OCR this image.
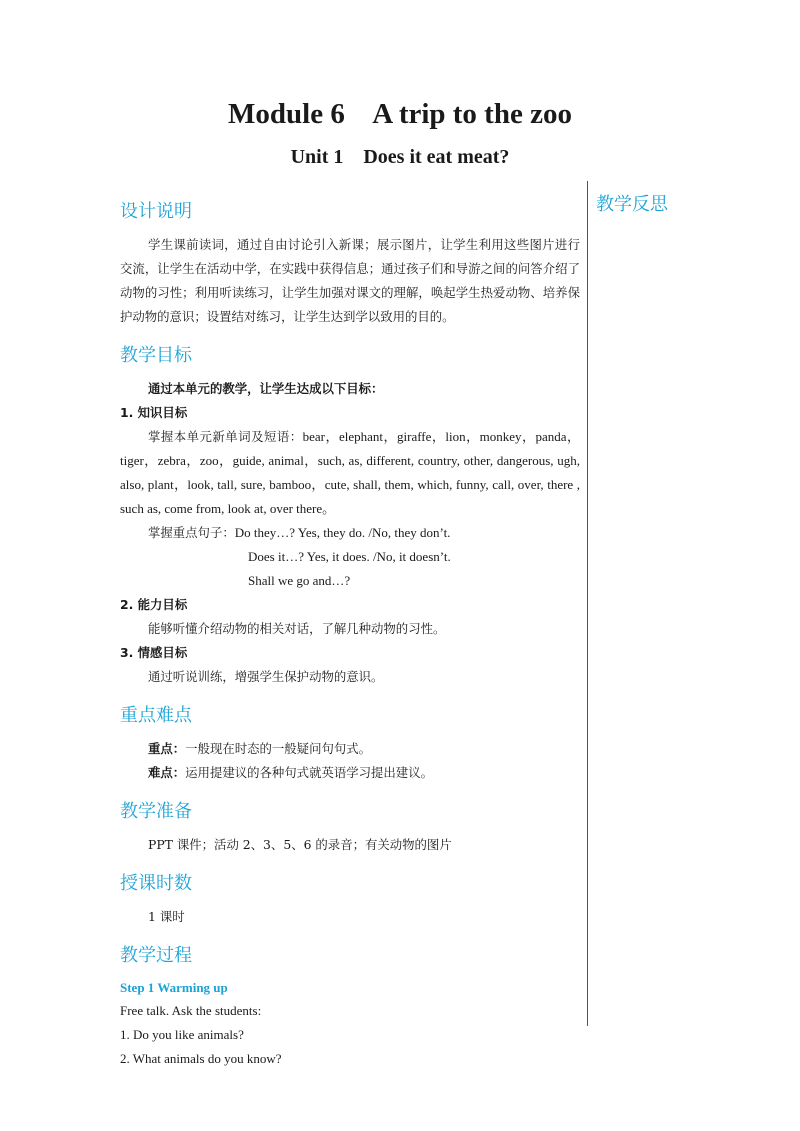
Module 6    A trip to the zoo
Unit 1    Does it eat meat?
教学反思
设计说明

学生课前读词，通过自由讨论引入新课；展示图片，让学生利用这些图片进行交流，让学生在活动中学，在实践中获得信息；通过孩子们和导游之间的问答介绍了动物的习性；利用听读练习，让学生加强对课文的理解，唤起学生热爱动物、培养保护动物的意识；设置结对练习，让学生达到学以致用的目的。

教学目标

通过本单元的教学，让学生达成以下目标：

1. 知识目标

掌握本单元新单词及短语：bear，elephant，giraffe，lion，monkey，panda，tiger，zebra，zoo，guide, animal，such, as, different, country, other, dangerous, ugh, also, plant，look, tall, sure, bamboo，cute, shall, them, which, funny, call, over, there , such as, come from, look at, over there。

掌握重点句子：Do they…? Yes, they do. /No, they don’t.

Does it…? Yes, it does. /No, it doesn’t.

Shall we go and…?

2. 能力目标

能够听懂介绍动物的相关对话，了解几种动物的习性。

3. 情感目标

通过听说训练，增强学生保护动物的意识。

重点难点

重点：一般现在时态的一般疑问句句式。

难点：运用提建议的各种句式就英语学习提出建议。

教学准备

PPT 课件；活动 2、3、5、6 的录音；有关动物的图片

授课时数

1 课时

教学过程

Step 1 Warming up

Free talk. Ask the students:

1. Do you like animals?

2. What animals do you know?
